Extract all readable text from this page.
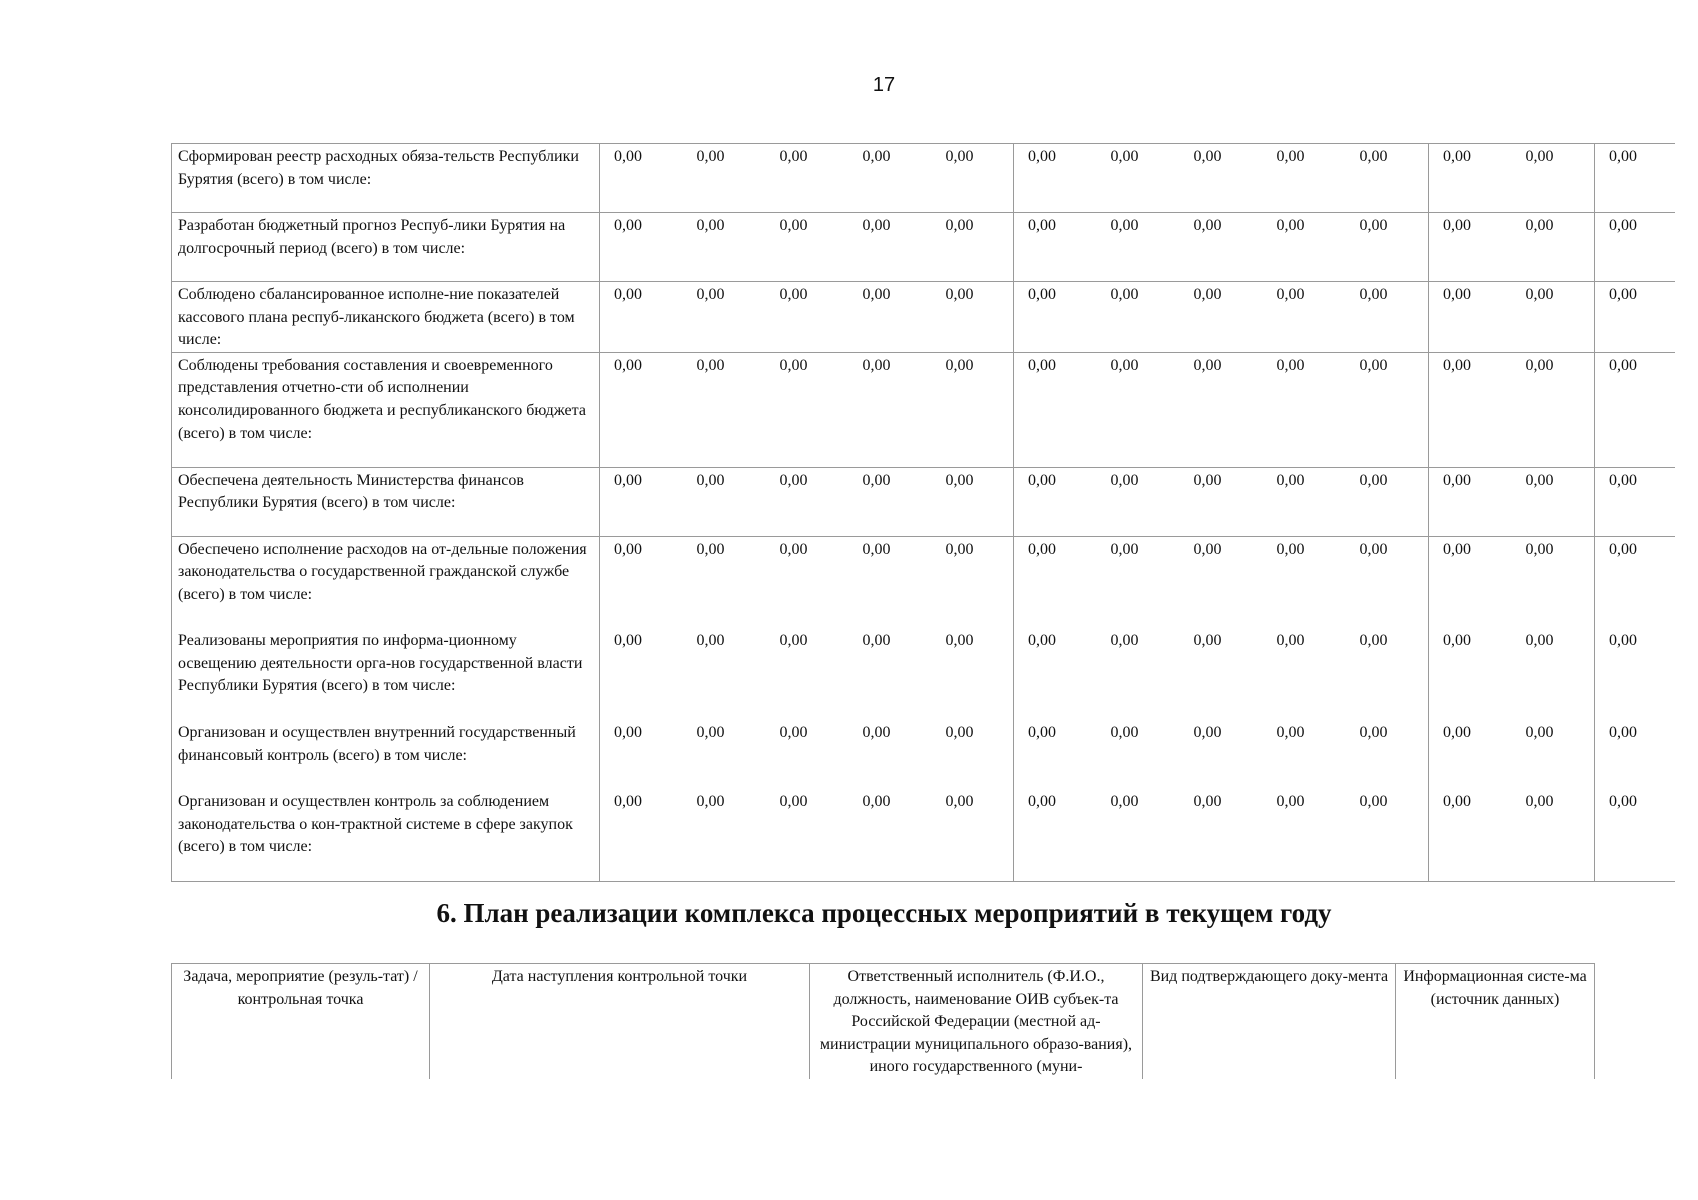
17
Сформирован реестр расходных обяза-тельств Республики Бурятия (всего) в том числе:	0,00	0,00	0,00	0,00	0,00	0,00	0,00	0,00	0,00	0,00	0,00	0,00	0,00
Разработан бюджетный прогноз Респуб-лики Бурятия на долгосрочный период (всего) в том числе:	0,00	0,00	0,00	0,00	0,00	0,00	0,00	0,00	0,00	0,00	0,00	0,00	0,00
Соблюдено сбалансированное исполне-ние показателей кассового плана респуб-ликанского бюджета (всего) в том числе:	0,00	0,00	0,00	0,00	0,00	0,00	0,00	0,00	0,00	0,00	0,00	0,00	0,00
Соблюдены требования составления и своевременного представления отчетно-сти об исполнении консолидированного бюджета и республиканского бюджета (всего) в том числе:	0,00	0,00	0,00	0,00	0,00	0,00	0,00	0,00	0,00	0,00	0,00	0,00	0,00
Обеспечена деятельность Министерства финансов Республики Бурятия (всего) в том числе:	0,00	0,00	0,00	0,00	0,00	0,00	0,00	0,00	0,00	0,00	0,00	0,00	0,00
Обеспечено исполнение расходов на от-дельные положения законодательства о государственной гражданской службе (всего) в том числе:	0,00	0,00	0,00	0,00	0,00	0,00	0,00	0,00	0,00	0,00	0,00	0,00	0,00
Реализованы мероприятия по информа-ционному освещению деятельности орга-нов государственной власти Республики Бурятия (всего) в том числе:	0,00	0,00	0,00	0,00	0,00	0,00	0,00	0,00	0,00	0,00	0,00	0,00	0,00
Организован и осуществлен внутренний государственный финансовый контроль (всего) в том числе:	0,00	0,00	0,00	0,00	0,00	0,00	0,00	0,00	0,00	0,00	0,00	0,00	0,00
Организован и осуществлен контроль за соблюдением законодательства о кон-трактной системе в сфере закупок (всего) в том числе:	0,00	0,00	0,00	0,00	0,00	0,00	0,00	0,00	0,00	0,00	0,00	0,00	0,00
6. План реализации комплекса процессных мероприятий в текущем году
Задача, мероприятие (резуль-тат) / контрольная точка	Дата наступления контрольной точки	Ответственный исполнитель (Ф.И.О., должность, наименование ОИВ субъек-та Российской Федерации (местной ад-министрации муниципального образо-вания), иного государственного (муни-	Вид подтверждающего доку-мента	Информационная систе-ма (источник данных)
